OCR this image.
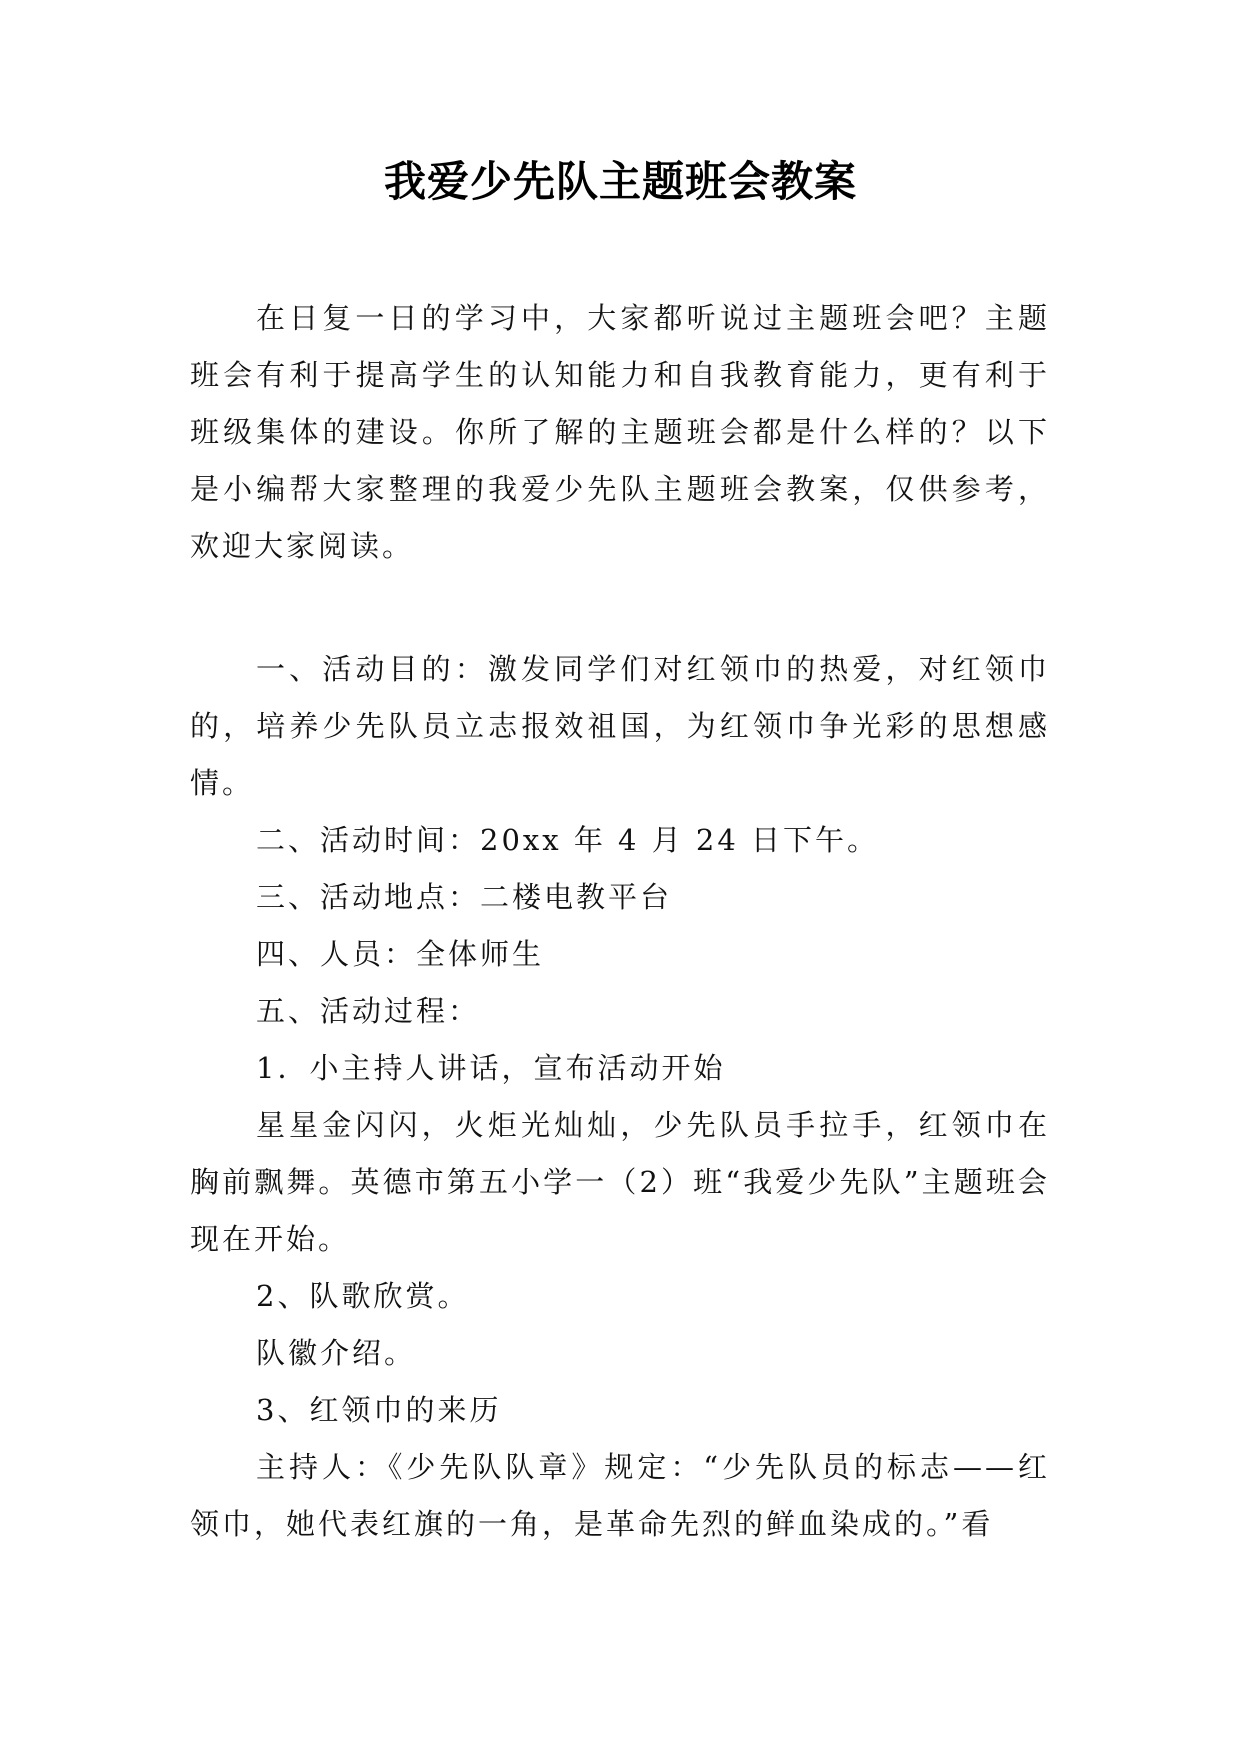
我爱少先队主题班会教案

在日复一日的学习中，大家都听说过主题班会吧？主题班会有利于提高学生的认知能力和自我教育能力，更有利于班级集体的建设。你所了解的主题班会都是什么样的？以下是小编帮大家整理的我爱少先队主题班会教案，仅供参考，欢迎大家阅读。

一、活动目的：激发同学们对红领巾的热爱，对红领巾的，培养少先队员立志报效祖国，为红领巾争光彩的思想感情。

二、活动时间：20xx 年 4 月 24 日下午。

三、活动地点：二楼电教平台

四、人员：全体师生

五、活动过程：

1．小主持人讲话，宣布活动开始

星星金闪闪，火炬光灿灿，少先队员手拉手，红领巾在胸前飘舞。英德市第五小学一（2）班“我爱少先队”主题班会现在开始。

2、队歌欣赏。

队徽介绍。

3、红领巾的来历

主持人：《少先队队章》规定：“少先队员的标志——红领巾，她代表红旗的一角，是革命先烈的鲜血染成的。”看
